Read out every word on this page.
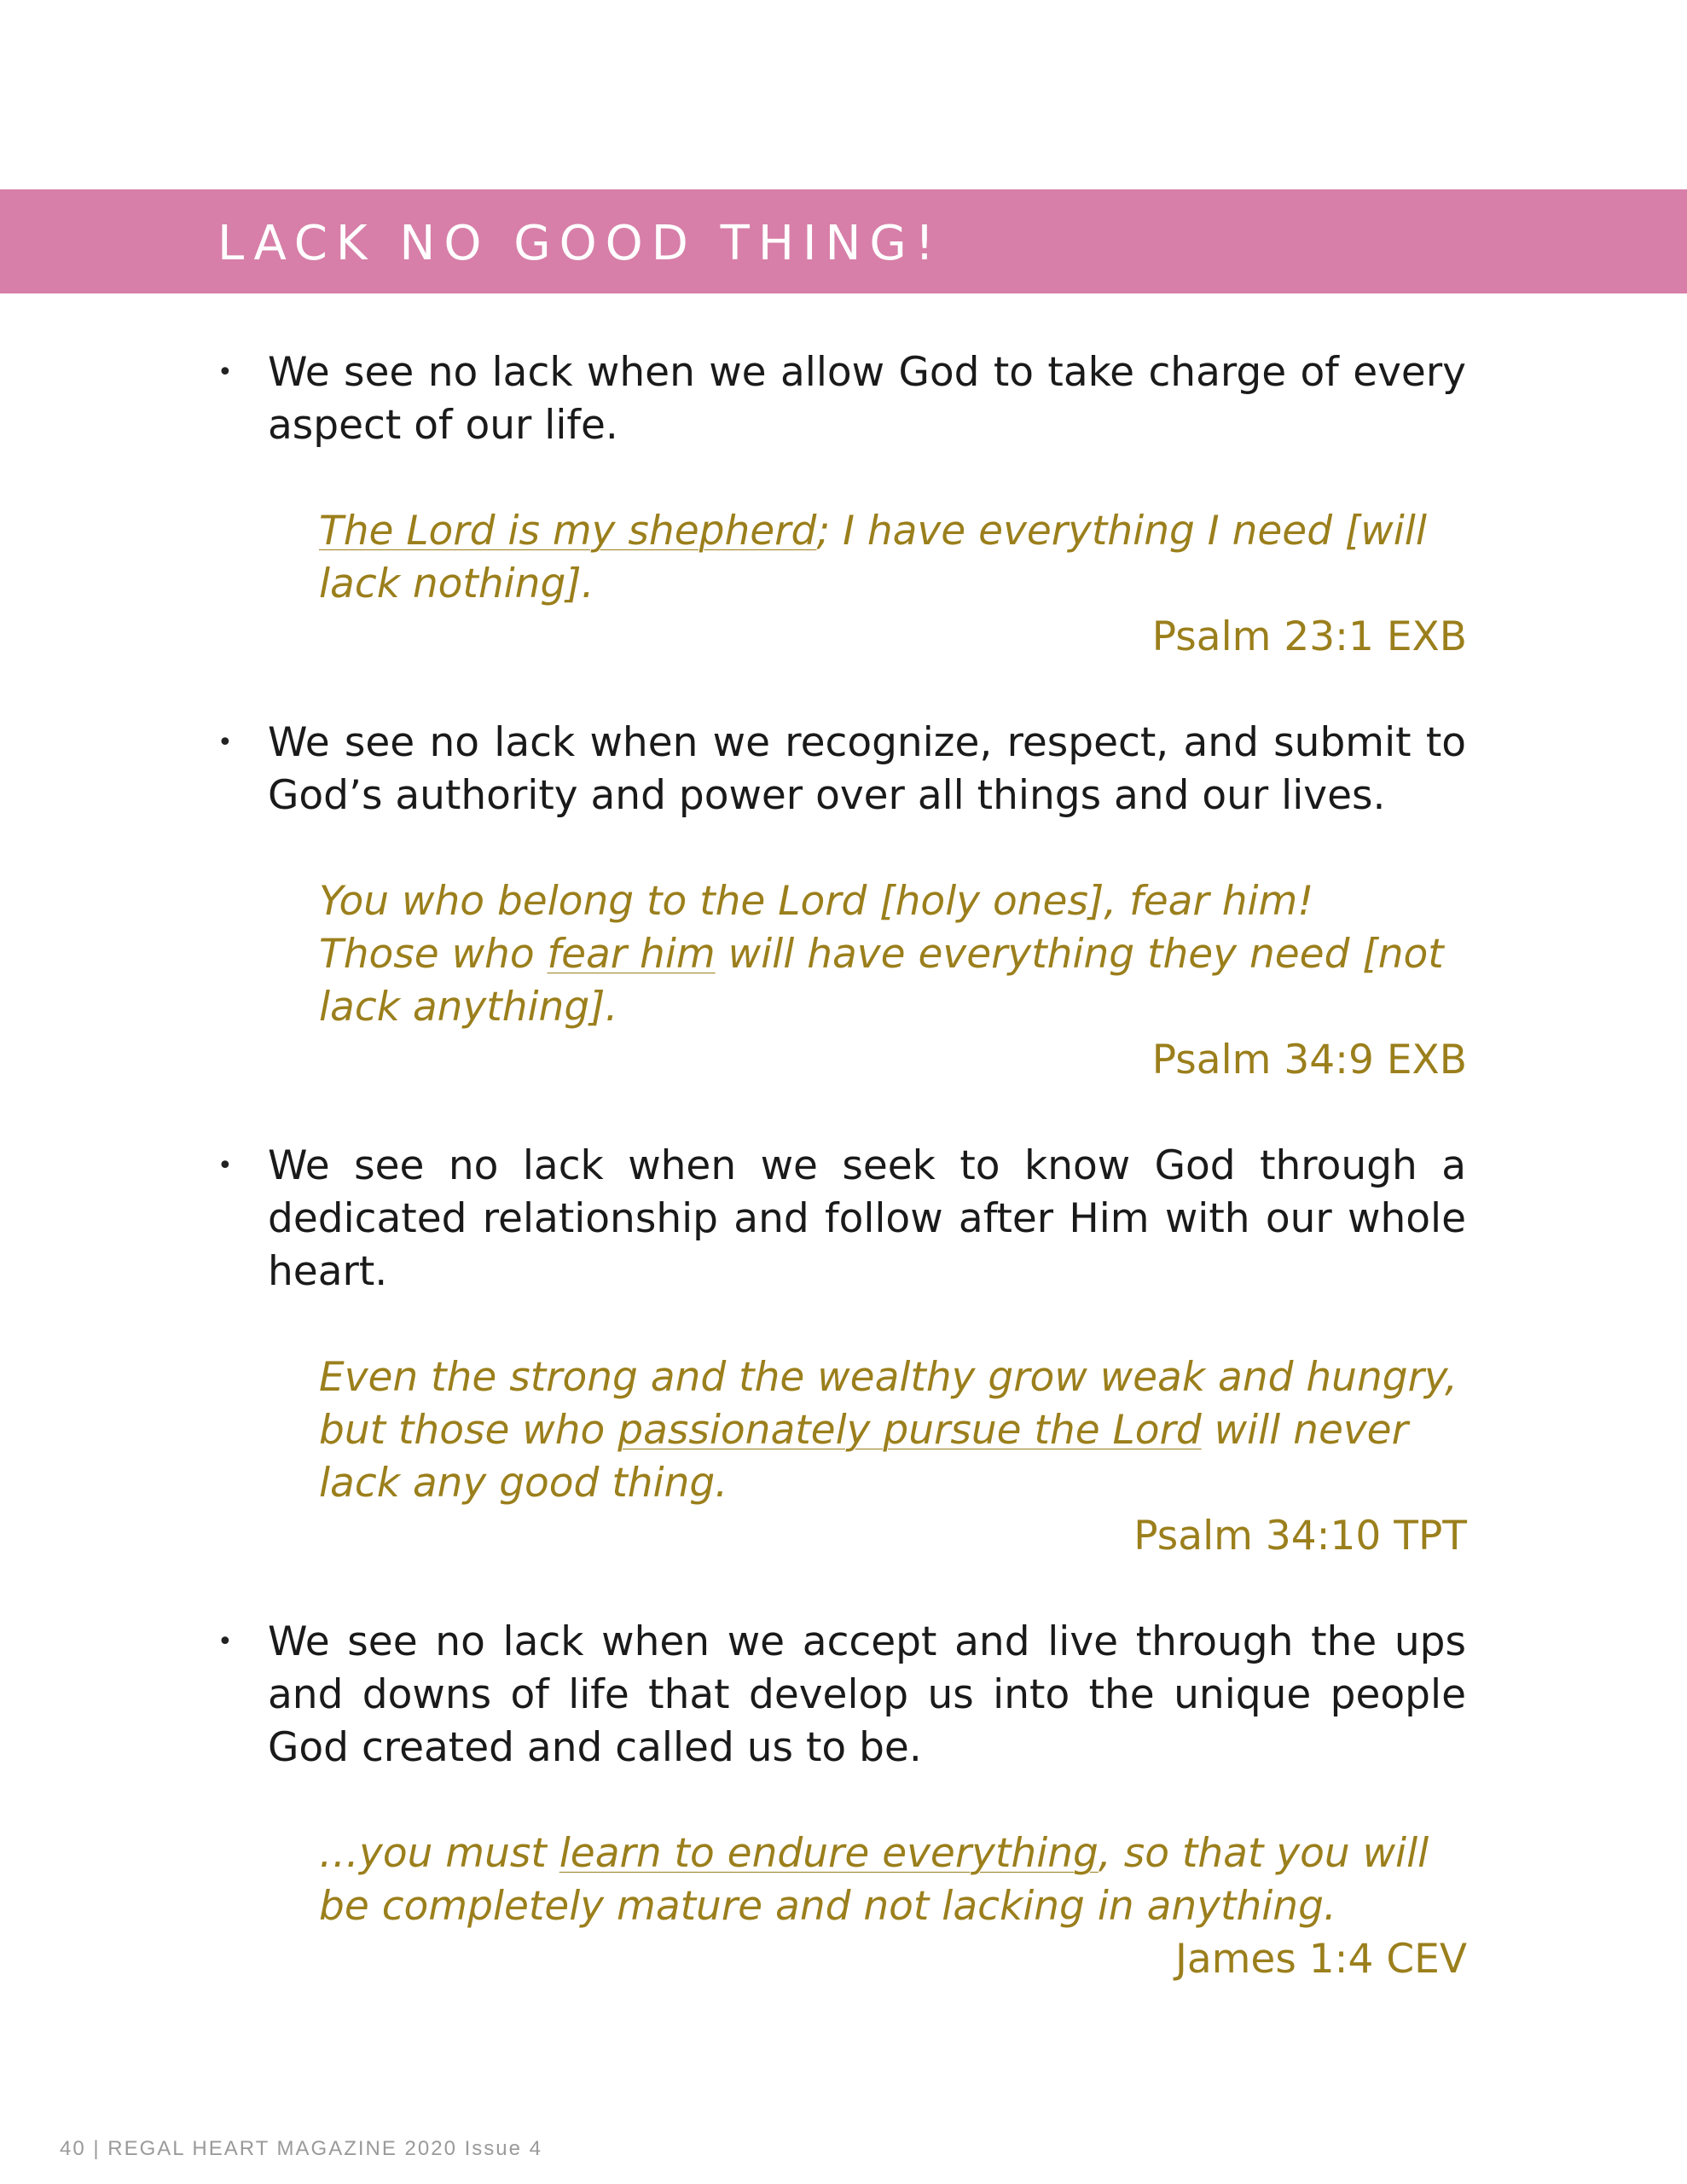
LACK NO GOOD THING!
• We see no lack when we allow God to take charge of every aspect of our life.

The Lord is my shepherd; I have everything I need [will lack nothing].

Psalm 23:1 EXB

• We see no lack when we recognize, respect, and submit to God’s authority and power over all things and our lives.

You who belong to the Lord [holy ones], fear him! Those who fear him will have everything they need [not lack anything].

Psalm 34:9 EXB

• We see no lack when we seek to know God through a dedicated relationship and follow after Him with our whole heart.

Even the strong and the wealthy grow weak and hungry, but those who passionately pursue the Lord will never lack any good thing.

Psalm 34:10 TPT

• We see no lack when we accept and live through the ups and downs of life that develop us into the unique people God created and called us to be.

…you must learn to endure everything, so that you will be completely mature and not lacking in anything.

James 1:4 CEV

40 | REGAL HEART MAGAZINE 2020 Issue 4
